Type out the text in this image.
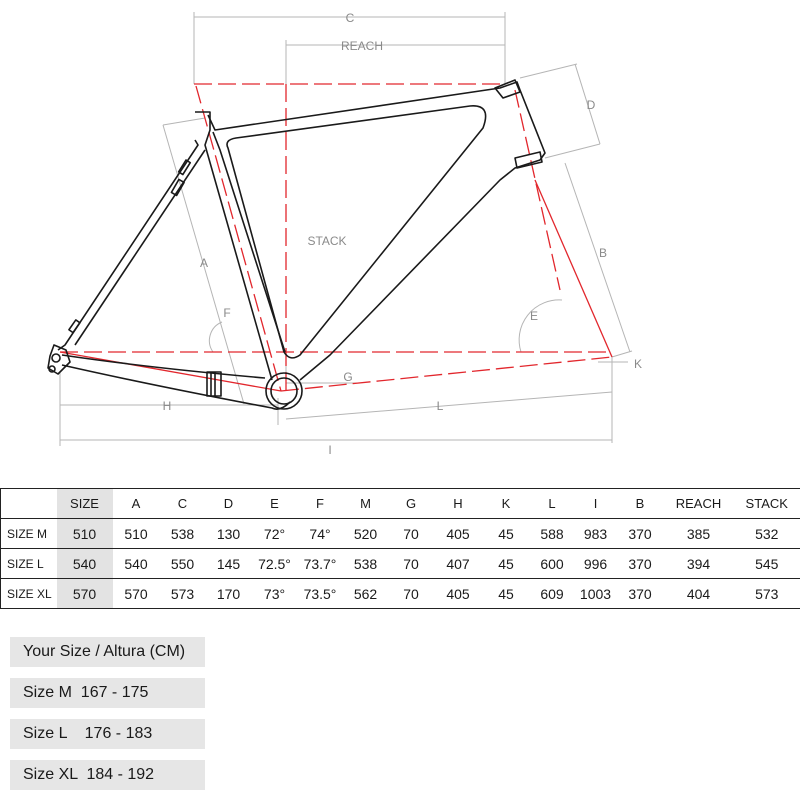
C
REACH
D
STACK
A
B
F	E
G
H	L
K
I
	SIZE	A	C	D	E	F	M	G	H	K	L	I	B	REACH	STACK
SIZE M	510	510	538	130	72°	74°	520	70	405	45	588	983	370	385	532
SIZE L	540	540	550	145	72.5°	73.7°	538	70	407	45	600	996	370	394	545
SIZE XL	570	570	573	170	73°	73.5°	562	70	405	45	609	1003	370	404	573
Your Size / Altura (CM)
Size M  167 - 175
Size L    176 - 183
Size XL  184 - 192
